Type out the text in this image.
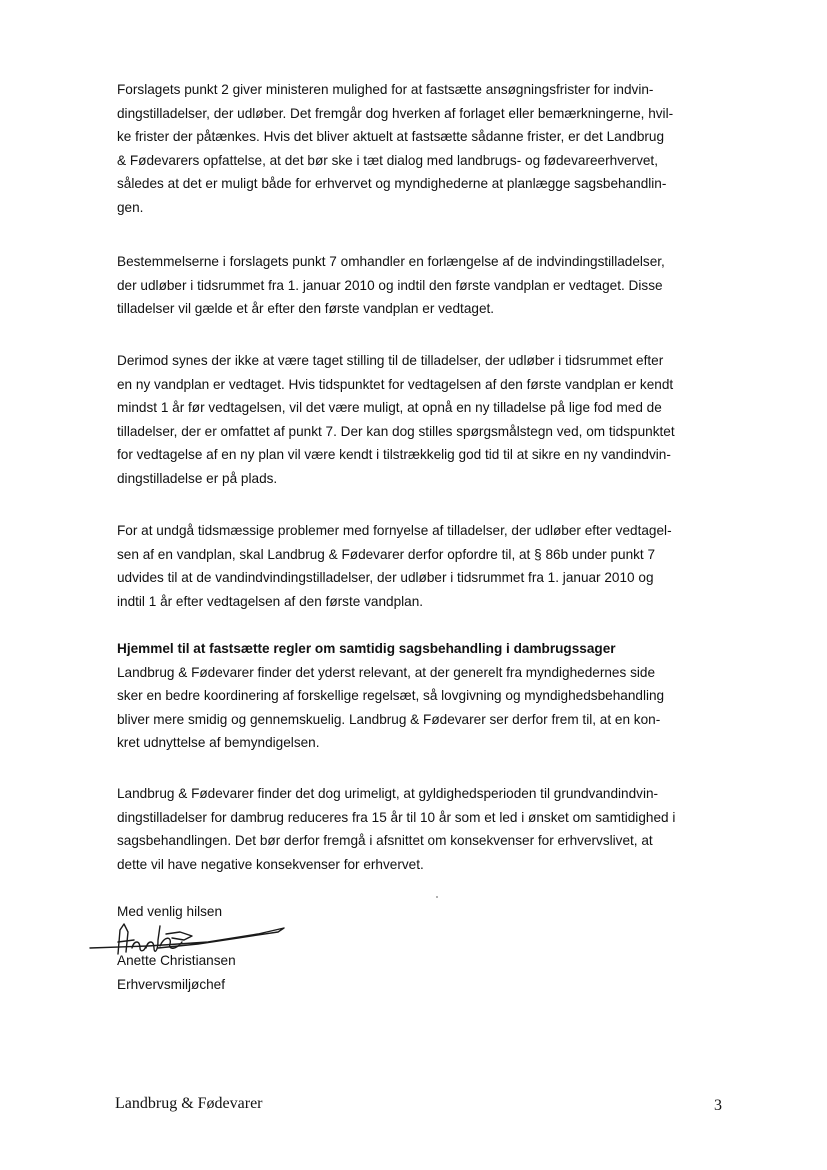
Forslagets punkt 2 giver ministeren mulighed for at fastsætte ansøgningsfrister for indvin-
dingstilladelser, der udløber. Det fremgår dog hverken af forlaget eller bemærkningerne, hvil-
ke frister der påtænkes. Hvis det bliver aktuelt at fastsætte sådanne frister, er det Landbrug
& Fødevarers opfattelse, at det bør ske i tæt dialog med landbrugs- og fødevareerhvervet,
således at det er muligt både for erhvervet og myndighederne at planlægge sagsbehandlin-
gen.
Bestemmelserne i forslagets punkt 7 omhandler en forlængelse af de indvindingstilladelser,
der udløber i tidsrummet fra 1. januar 2010 og indtil den første vandplan er vedtaget. Disse
tilladelser vil gælde et år efter den første vandplan er vedtaget.
Derimod synes der ikke at være taget stilling til de tilladelser, der udløber i tidsrummet efter
en ny vandplan er vedtaget. Hvis tidspunktet for vedtagelsen af den første vandplan er kendt
mindst 1 år før vedtagelsen, vil det være muligt, at opnå en ny tilladelse på lige fod med de
tilladelser, der er omfattet af punkt 7. Der kan dog stilles spørgsmålstegn ved, om tidspunktet
for vedtagelse af en ny plan vil være kendt i tilstrækkelig god tid til at sikre en ny vandindvin-
dingstilladelse er på plads.
For at undgå tidsmæssige problemer med fornyelse af tilladelser, der udløber efter vedtagel-
sen af en vandplan, skal Landbrug & Fødevarer derfor opfordre til, at § 86b under punkt 7
udvides til at de vandindvindingstilladelser, der udløber i tidsrummet fra 1. januar 2010 og
indtil 1 år efter vedtagelsen af den første vandplan.
Hjemmel til at fastsætte regler om samtidig sagsbehandling i dambrugssager
Landbrug & Fødevarer finder det yderst relevant, at der generelt fra myndighedernes side
sker en bedre koordinering af forskellige regelsæt, så lovgivning og myndighedsbehandling
bliver mere smidig og gennemskuelig. Landbrug & Fødevarer ser derfor frem til, at en kon-
kret udnyttelse af bemyndigelsen.
Landbrug & Fødevarer finder det dog urimeligt, at gyldighedsperioden til grundvandindvin-
dingstilladelser for dambrug reduceres fra 15 år til 10 år som et led i ønsket om samtidighed i
sagsbehandlingen. Det bør derfor fremgå i afsnittet om konsekvenser for erhvervslivet, at
dette vil have negative konsekvenser for erhvervet.
Med venlig hilsen
Anette Christiansen
Erhvervsmiljøchef
Landbrug & Fødevarer	3
